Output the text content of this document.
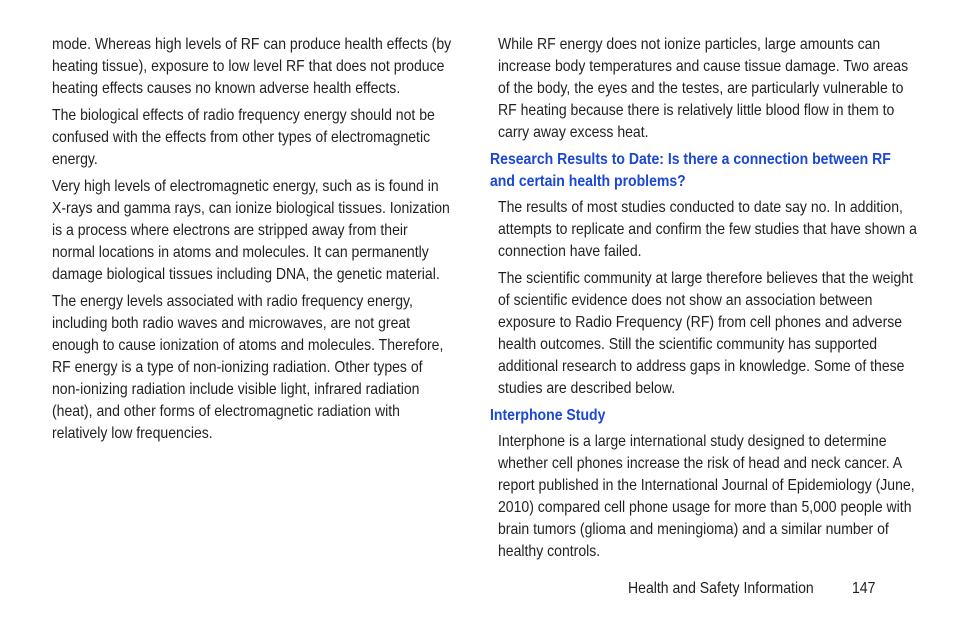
mode. Whereas high levels of RF can produce health effects (by heating tissue), exposure to low level RF that does not produce heating effects causes no known adverse health effects.

The biological effects of radio frequency energy should not be confused with the effects from other types of electromagnetic energy.

Very high levels of electromagnetic energy, such as is found in X-rays and gamma rays, can ionize biological tissues. Ionization is a process where electrons are stripped away from their normal locations in atoms and molecules. It can permanently damage biological tissues including DNA, the genetic material.

The energy levels associated with radio frequency energy, including both radio waves and microwaves, are not great enough to cause ionization of atoms and molecules. Therefore, RF energy is a type of non-ionizing radiation. Other types of non-ionizing radiation include visible light, infrared radiation (heat), and other forms of electromagnetic radiation with relatively low frequencies.

While RF energy does not ionize particles, large amounts can increase body temperatures and cause tissue damage. Two areas of the body, the eyes and the testes, are particularly vulnerable to RF heating because there is relatively little blood flow in them to carry away excess heat.

Research Results to Date: Is there a connection between RF and certain health problems?

The results of most studies conducted to date say no. In addition, attempts to replicate and confirm the few studies that have shown a connection have failed.

The scientific community at large therefore believes that the weight of scientific evidence does not show an association between exposure to Radio Frequency (RF) from cell phones and adverse health outcomes. Still the scientific community has supported additional research to address gaps in knowledge. Some of these studies are described below.

Interphone Study

Interphone is a large international study designed to determine whether cell phones increase the risk of head and neck cancer. A report published in the International Journal of Epidemiology (June, 2010) compared cell phone usage for more than 5,000 people with brain tumors (glioma and meningioma) and a similar number of healthy controls.

Health and Safety Information 147
